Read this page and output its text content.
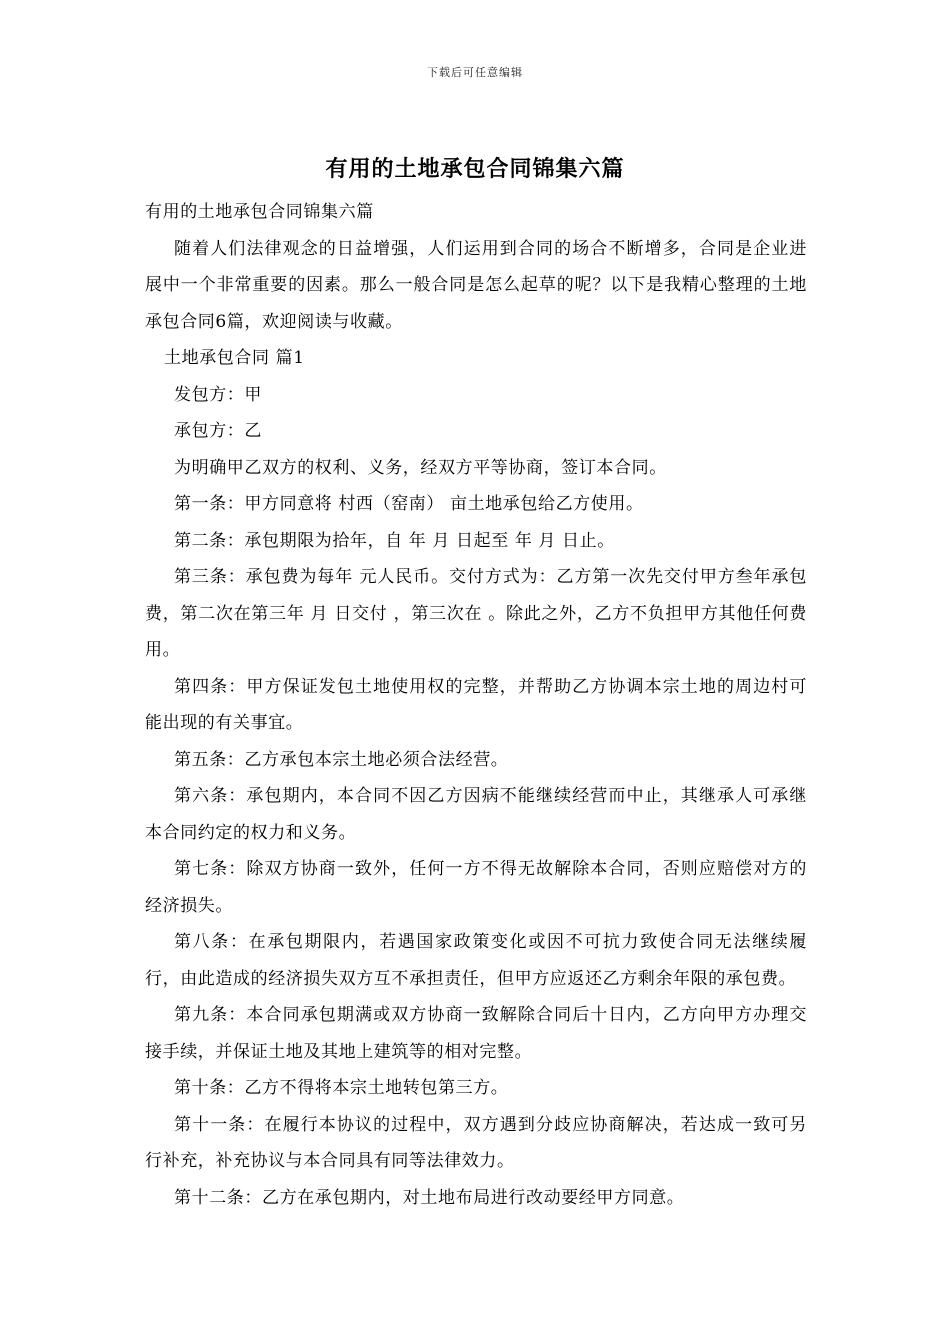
下载后可任意编辑
有用的土地承包合同锦集六篇

有用的土地承包合同锦集六篇

随着人们法律观念的日益增强，人们运用到合同的场合不断增多，合同是企业进展中一个非常重要的因素。那么一般合同是怎么起草的呢？以下是我精心整理的土地承包合同6篇，欢迎阅读与收藏。

土地承包合同 篇1

发包方：甲

承包方：乙

为明确甲乙双方的权利、义务，经双方平等协商，签订本合同。

第一条：甲方同意将 村西（窑南） 亩土地承包给乙方使用。

第二条：承包期限为拾年，自 年 月 日起至 年 月 日止。

第三条：承包费为每年 元人民币。交付方式为：乙方第一次先交付甲方叁年承包费，第二次在第三年 月 日交付 ，第三次在 。除此之外，乙方不负担甲方其他任何费用。

第四条：甲方保证发包土地使用权的完整，并帮助乙方协调本宗土地的周边村可能出现的有关事宜。

第五条：乙方承包本宗土地必须合法经营。

第六条：承包期内，本合同不因乙方因病不能继续经营而中止，其继承人可承继本合同约定的权力和义务。

第七条：除双方协商一致外，任何一方不得无故解除本合同，否则应赔偿对方的经济损失。

第八条：在承包期限内，若遇国家政策变化或因不可抗力致使合同无法继续履行，由此造成的经济损失双方互不承担责任，但甲方应返还乙方剩余年限的承包费。

第九条：本合同承包期满或双方协商一致解除合同后十日内，乙方向甲方办理交接手续，并保证土地及其地上建筑等的相对完整。

第十条：乙方不得将本宗土地转包第三方。

第十一条：在履行本协议的过程中，双方遇到分歧应协商解决，若达成一致可另行补充，补充协议与本合同具有同等法律效力。

第十二条：乙方在承包期内，对土地布局进行改动要经甲方同意。
